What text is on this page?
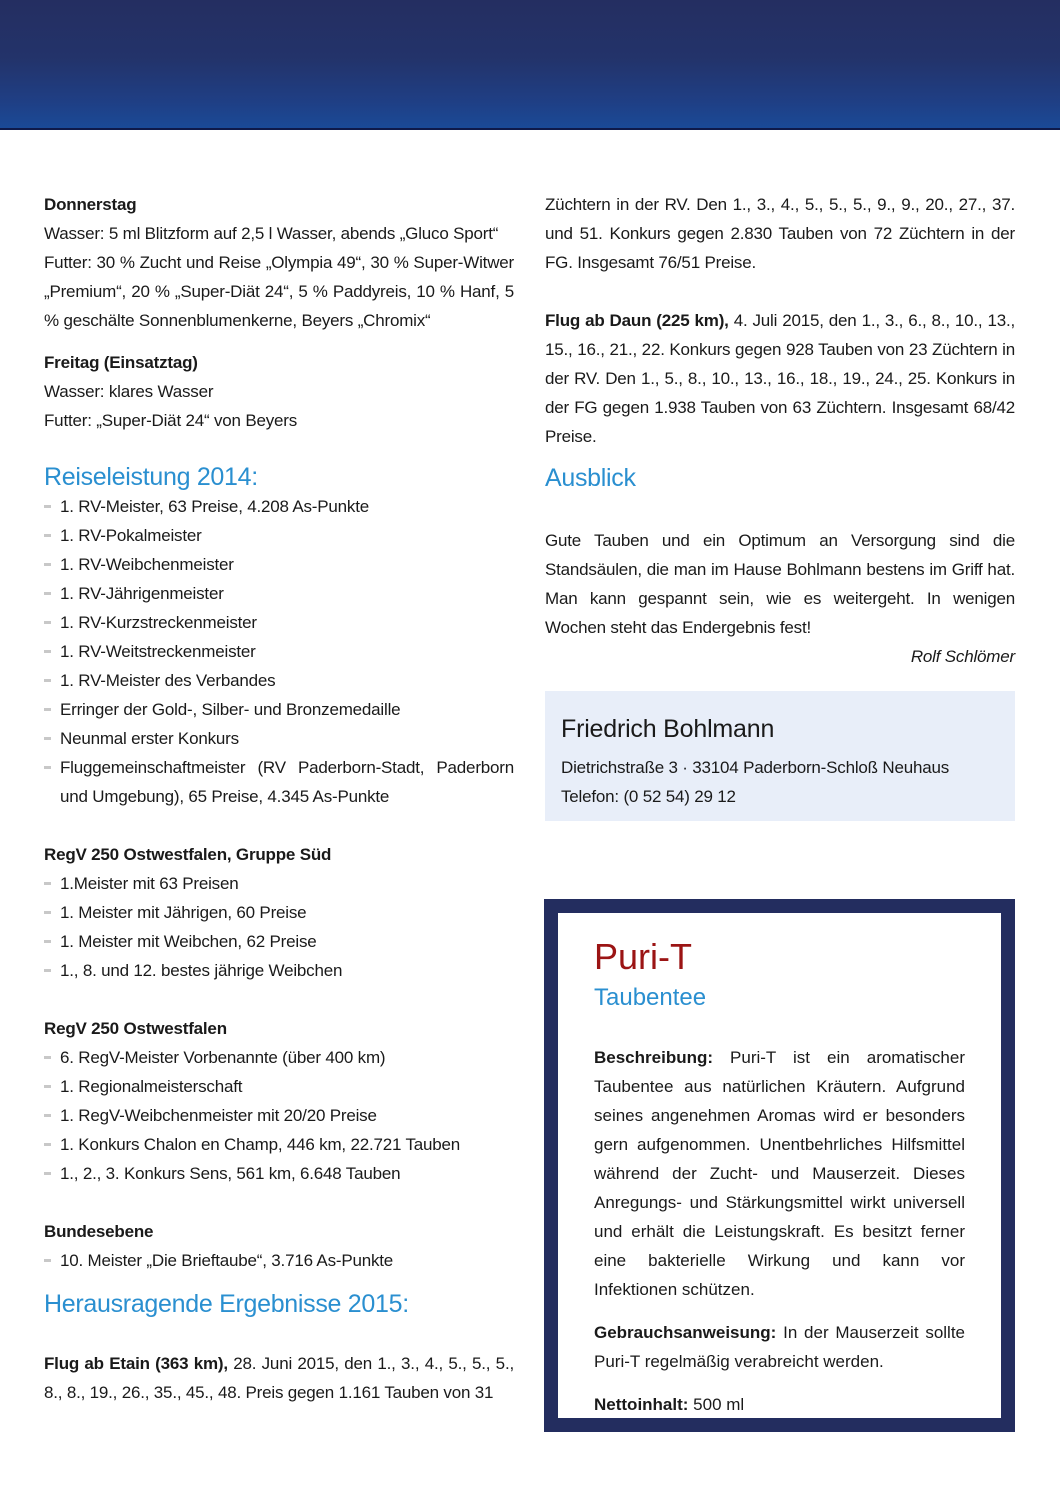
Donnerstag

Wasser: 5 ml Blitzform auf 2,5 l Wasser, abends „Gluco Sport“

Futter: 30 % Zucht und Reise „Olympia 49“, 30 % Super-Witwer „Premium“, 20 % „Super-Diät 24“, 5 % Paddyreis, 10 % Hanf, 5 % geschälte Sonnenblumenkerne, Beyers „Chromix“

Freitag (Einsatztag)

Wasser: klares Wasser

Futter: „Super-Diät 24“ von Beyers

Reiseleistung 2014:
1. RV-Meister, 63 Preise, 4.208 As-Punkte
1. RV-Pokalmeister
1. RV-Weibchenmeister
1. RV-Jährigenmeister
1. RV-Kurzstreckenmeister
1. RV-Weitstreckenmeister
1. RV-Meister des Verbandes
Erringer der Gold-, Silber- und Bronzemedaille
Neunmal erster Konkurs
Fluggemeinschaftmeister (RV Paderborn-Stadt, Paderborn und Umgebung), 65 Preise, 4.345 As-Punkte

RegV 250 Ostwestfalen, Gruppe Süd

1.Meister mit 63 Preisen
1. Meister mit Jährigen, 60 Preise
1. Meister mit Weibchen, 62 Preise
1., 8. und 12. bestes jährige Weibchen

RegV 250 Ostwestfalen

6. RegV-Meister Vorbenannte (über 400 km)
1. Regionalmeisterschaft
1. RegV-Weibchenmeister mit 20/20 Preise
1. Konkurs Chalon en Champ, 446 km, 22.721 Tauben
1., 2., 3. Konkurs Sens, 561 km, 6.648 Tauben

Bundesebene

10. Meister „Die Brieftaube“, 3.716 As-Punkte
Herausragende Ergebnisse 2015:

Flug ab Etain (363 km), 28. Juni 2015, den 1., 3., 4., 5., 5., 5., 8., 8., 19., 26., 35., 45., 48. Preis gegen 1.161 Tauben von 31

Züchtern in der RV. Den 1., 3., 4., 5., 5., 5., 9., 9., 20., 27., 37. und 51. Konkurs gegen 2.830 Tauben von 72 Züchtern in der FG. Insgesamt 76/51 Preise.

Flug ab Daun (225 km), 4. Juli 2015, den 1., 3., 6., 8., 10., 13., 15., 16., 21., 22. Konkurs gegen 928 Tauben von 23 Züchtern in der RV. Den 1., 5., 8., 10., 13., 16., 18., 19., 24., 25. Konkurs in der FG gegen 1.938 Tauben von 63 Züchtern. Insgesamt 68/42 Preise.

Ausblick

Gute Tauben und ein Optimum an Versorgung sind die Standsäulen, die man im Hause Bohlmann bestens im Griff hat. Man kann gespannt sein, wie es weitergeht. In wenigen Wochen steht das Endergebnis fest!

Rolf Schlömer

Friedrich Bohlmann

Dietrichstraße 3 · 33104 Paderborn-Schloß Neuhaus

Telefon: (0 52 54) 29 12

Puri-T
Taubentee

Beschreibung: Puri-T ist ein aromatischer Taubentee aus natürlichen Kräutern. Aufgrund seines angenehmen Aromas wird er besonders gern aufgenommen. Unentbehrliches Hilfsmittel während der Zucht- und Mauserzeit. Dieses Anregungs- und Stärkungsmittel wirkt universell und erhält die Leistungskraft. Es besitzt ferner eine bakterielle Wirkung und kann vor Infektionen schützen.

Gebrauchsanweisung: In der Mauserzeit sollte Puri-T regelmäßig verabreicht werden.

Nettoinhalt: 500 ml
